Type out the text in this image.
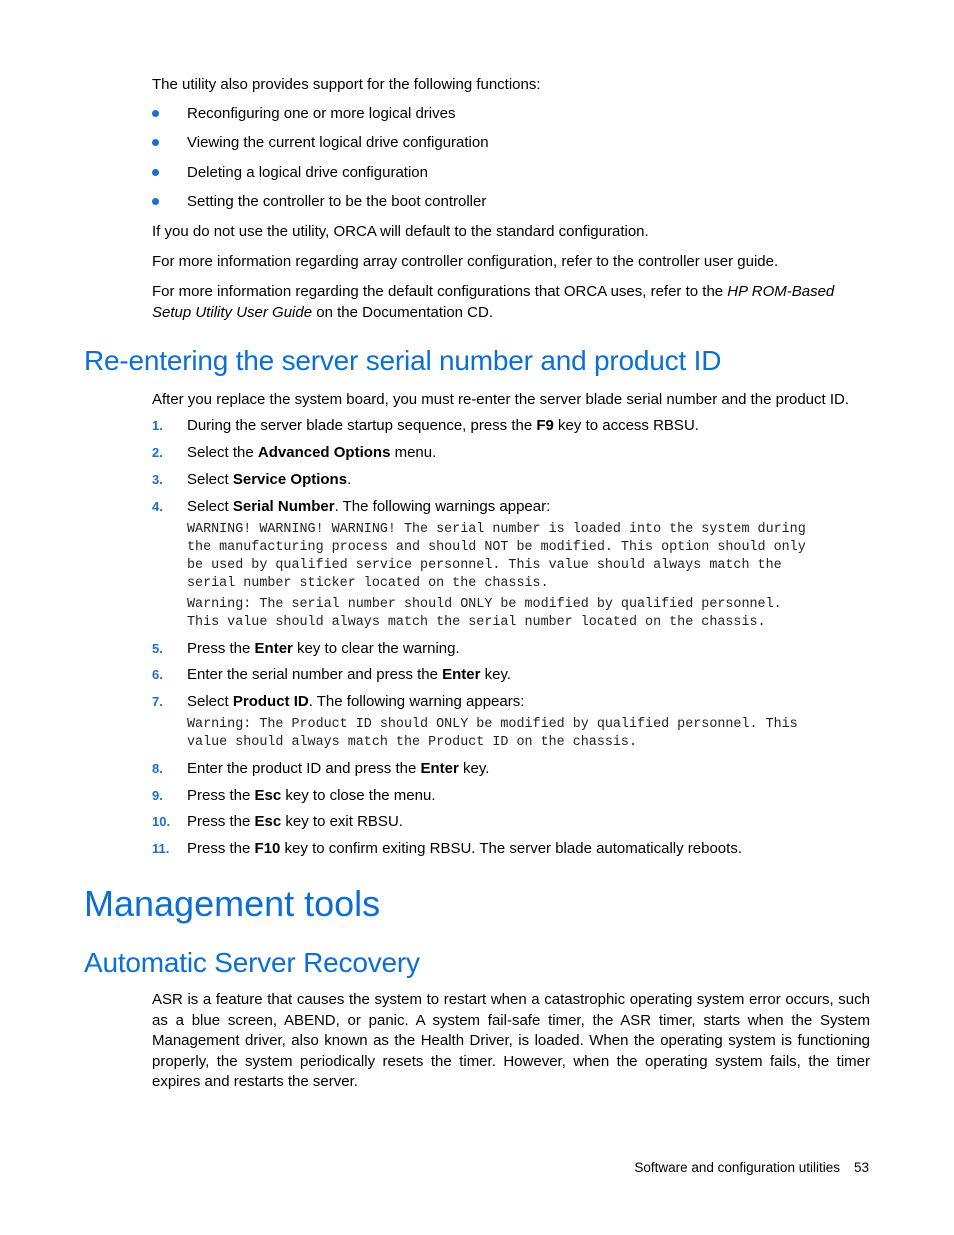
The utility also provides support for the following functions:

Reconfiguring one or more logical drives
Viewing the current logical drive configuration
Deleting a logical drive configuration
Setting the controller to be the boot controller

If you do not use the utility, ORCA will default to the standard configuration.

For more information regarding array controller configuration, refer to the controller user guide.

For more information regarding the default configurations that ORCA uses, refer to the HP ROM-Based Setup Utility User Guide on the Documentation CD.

Re-entering the server serial number and product ID

After you replace the system board, you must re-enter the server blade serial number and the product ID.

1. During the server blade startup sequence, press the F9 key to access RBSU.
2. Select the Advanced Options menu.
3. Select Service Options.
4. Select Serial Number. The following warnings appear:
WARNING! WARNING! WARNING! The serial number is loaded into the system during
the manufacturing process and should NOT be modified. This option should only
be used by qualified service personnel. This value should always match the
serial number sticker located on the chassis.
Warning: The serial number should ONLY be modified by qualified personnel.
This value should always match the serial number located on the chassis.
5. Press the Enter key to clear the warning.
6. Enter the serial number and press the Enter key.
7. Select Product ID. The following warning appears:
Warning: The Product ID should ONLY be modified by qualified personnel. This
value should always match the Product ID on the chassis.
8. Enter the product ID and press the Enter key.
9. Press the Esc key to close the menu.
10. Press the Esc key to exit RBSU.
11. Press the F10 key to confirm exiting RBSU. The server blade automatically reboots.
Management tools
Automatic Server Recovery

ASR is a feature that causes the system to restart when a catastrophic operating system error occurs, such as a blue screen, ABEND, or panic. A system fail-safe timer, the ASR timer, starts when the System Management driver, also known as the Health Driver, is loaded. When the operating system is functioning properly, the system periodically resets the timer. However, when the operating system fails, the timer expires and restarts the server.

Software and configuration utilities 53
